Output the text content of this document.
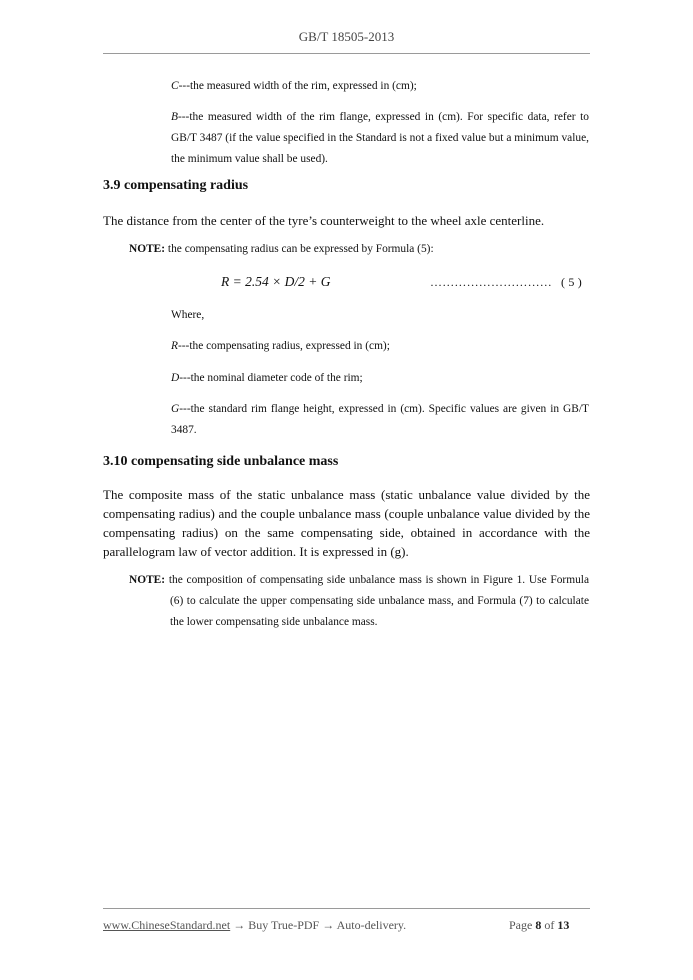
GB/T 18505-2013
C---the measured width of the rim, expressed in (cm);
B---the measured width of the rim flange, expressed in (cm). For specific data, refer to GB/T 3487 (if the value specified in the Standard is not a fixed value but a minimum value, the minimum value shall be used).
3.9 compensating radius
The distance from the center of the tyre’s counterweight to the wheel axle centerline.
NOTE: the compensating radius can be expressed by Formula (5):
R = 2.54 × D/2 + G	………………………… ( 5 )
Where,
R---the compensating radius, expressed in (cm);
D---the nominal diameter code of the rim;
G---the standard rim flange height, expressed in (cm). Specific values are given in GB/T 3487.
3.10 compensating side unbalance mass
The composite mass of the static unbalance mass (static unbalance value divided by the compensating radius) and the couple unbalance mass (couple unbalance value divided by the compensating radius) on the same compensating side, obtained in accordance with the parallelogram law of vector addition. It is expressed in (g).
NOTE: the composition of compensating side unbalance mass is shown in Figure 1. Use Formula (6) to calculate the upper compensating side unbalance mass, and Formula (7) to calculate the lower compensating side unbalance mass.
www.ChineseStandard.net → Buy True-PDF → Auto-delivery.	Page 8 of 13
